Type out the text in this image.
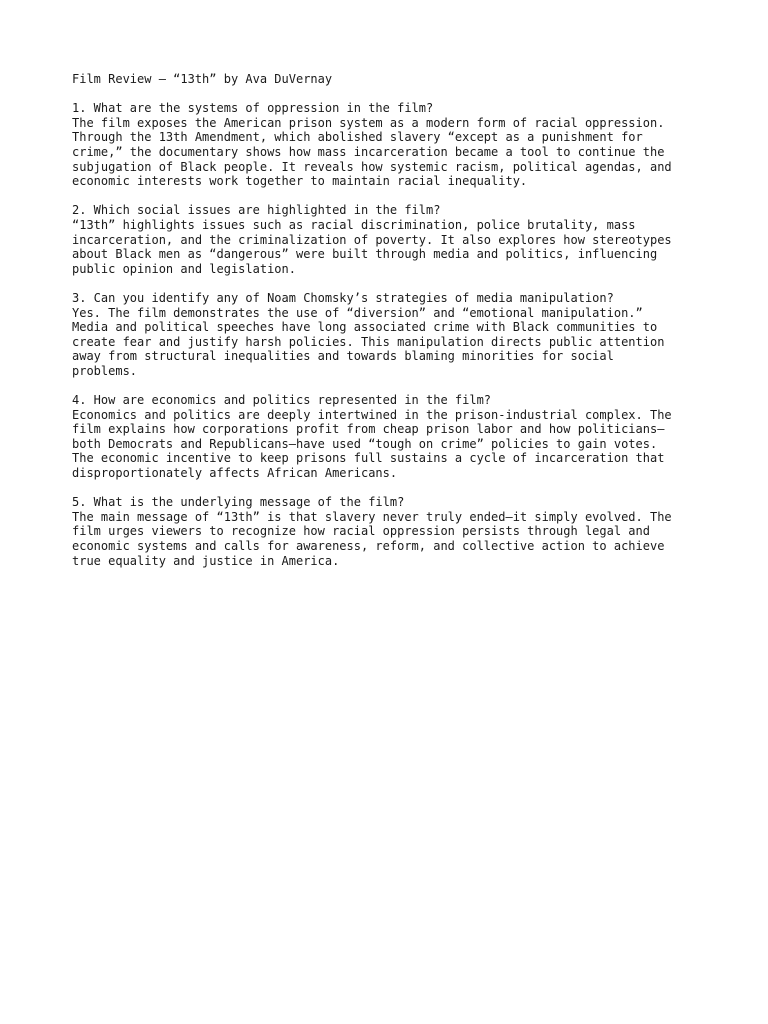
Film Review – “13th” by Ava DuVernay
1. What are the systems of oppression in the film?
The film exposes the American prison system as a modern form of racial oppression.
Through the 13th Amendment, which abolished slavery “except as a punishment for
crime,” the documentary shows how mass incarceration became a tool to continue the
subjugation of Black people. It reveals how systemic racism, political agendas, and
economic interests work together to maintain racial inequality.
2. Which social issues are highlighted in the film?
“13th” highlights issues such as racial discrimination, police brutality, mass
incarceration, and the criminalization of poverty. It also explores how stereotypes
about Black men as “dangerous” were built through media and politics, influencing
public opinion and legislation.
3. Can you identify any of Noam Chomsky’s strategies of media manipulation?
Yes. The film demonstrates the use of “diversion” and “emotional manipulation.”
Media and political speeches have long associated crime with Black communities to
create fear and justify harsh policies. This manipulation directs public attention
away from structural inequalities and towards blaming minorities for social
problems.
4. How are economics and politics represented in the film?
Economics and politics are deeply intertwined in the prison-industrial complex. The
film explains how corporations profit from cheap prison labor and how politicians—
both Democrats and Republicans—have used “tough on crime” policies to gain votes.
The economic incentive to keep prisons full sustains a cycle of incarceration that
disproportionately affects African Americans.
5. What is the underlying message of the film?
The main message of “13th” is that slavery never truly ended—it simply evolved. The
film urges viewers to recognize how racial oppression persists through legal and
economic systems and calls for awareness, reform, and collective action to achieve
true equality and justice in America.
